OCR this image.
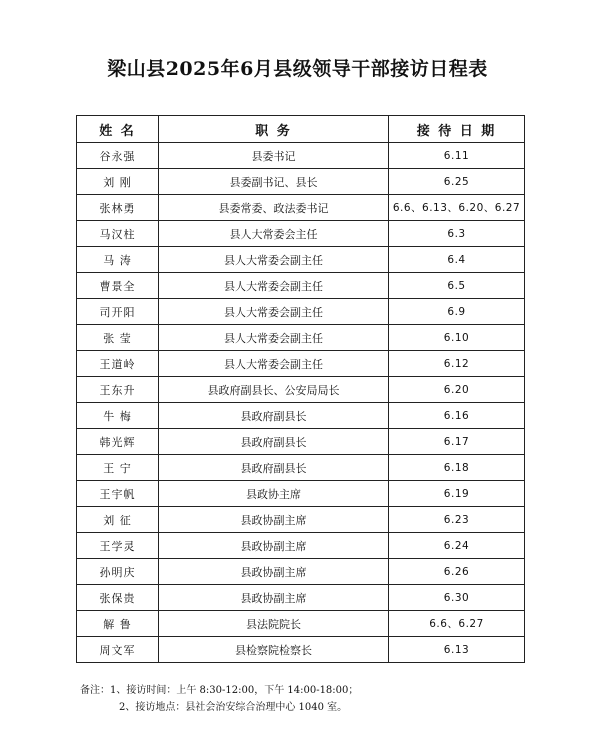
梁山县2025年6月县级领导干部接访日程表
姓 名	职 务	接 待 日 期
谷永强	县委书记	6.11
刘 刚	县委副书记、县长	6.25
张林勇	县委常委、政法委书记	6.6、6.13、6.20、6.27
马汉柱	县人大常委会主任	6.3
马 涛	县人大常委会副主任	6.4
曹景全	县人大常委会副主任	6.5
司开阳	县人大常委会副主任	6.9
张 莹	县人大常委会副主任	6.10
王道岭	县人大常委会副主任	6.12
王东升	县政府副县长、公安局局长	6.20
牛 梅	县政府副县长	6.16
韩光辉	县政府副县长	6.17
王 宁	县政府副县长	6.18
王宇帆	县政协主席	6.19
刘 征	县政协副主席	6.23
王学灵	县政协副主席	6.24
孙明庆	县政协副主席	6.26
张保贵	县政协副主席	6.30
解 鲁	县法院院长	6.6、6.27
周文军	县检察院检察长	6.13
备注：1、接访时间：上午 8:30-12:00，下午 14:00-18:00；
2、接访地点：县社会治安综合治理中心 1040 室。
